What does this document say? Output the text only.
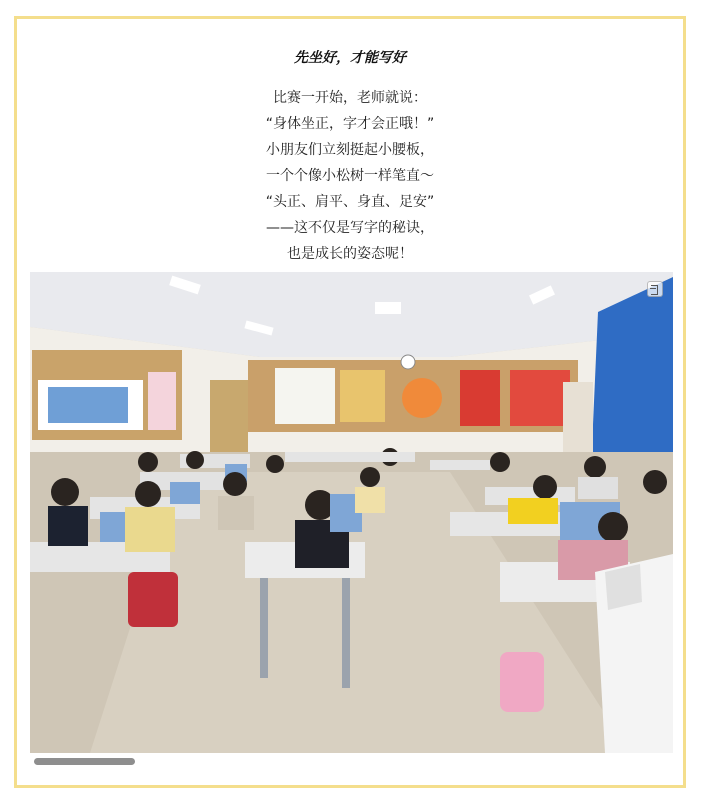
先坐好，才能写好
比赛一开始，老师就说：
“身体坐正，字才会正哦！”
小朋友们立刻挺起小腰板，
一个个像小松树一样笔直～
“头正、肩平、身直、足安”
——这不仅是写字的秘诀，
也是成长的姿态呢！
